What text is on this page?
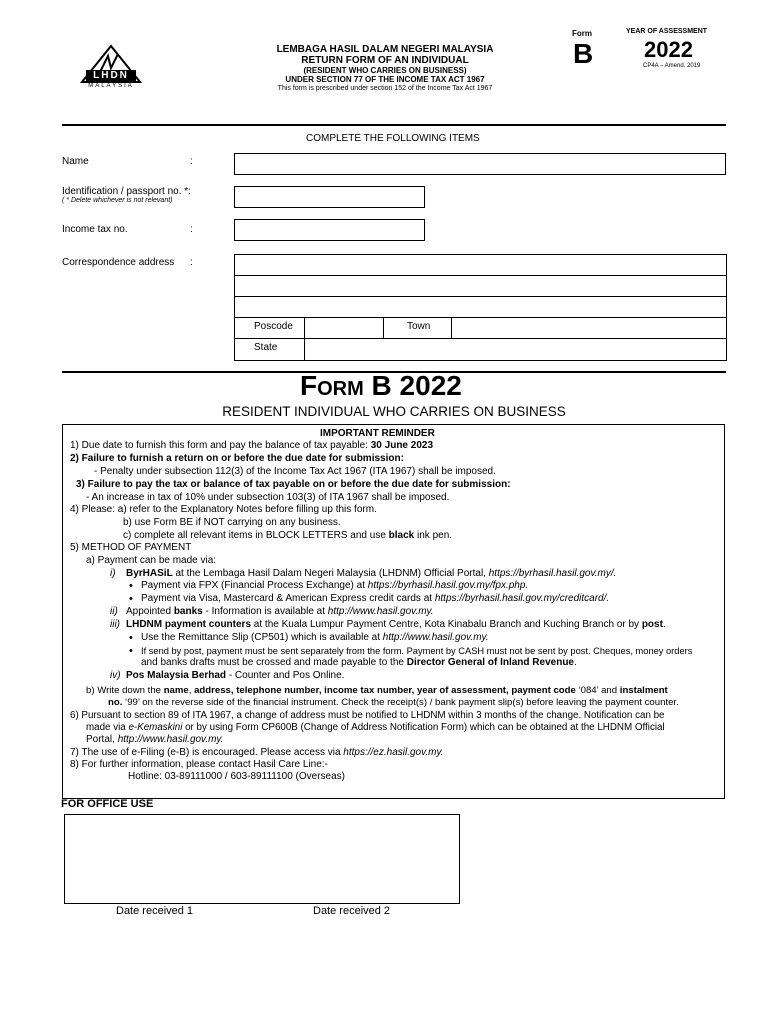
LHDN
MALAYSIA
LEMBAGA HASIL DALAM NEGERI MALAYSIA
RETURN FORM OF AN INDIVIDUAL
(RESIDENT WHO CARRIES ON BUSINESS)
UNDER SECTION 77 OF THE INCOME TAX ACT 1967
This form is prescribed under section 152 of the Income Tax Act 1967
Form
B
YEAR OF ASSESSMENT
2022
CP4A – Amend. 2019
COMPLETE THE FOLLOWING ITEMS
Name	:
Identification / passport no. * :
( * Delete whichever is not relevant)
Income tax no.	:
Correspondence address :
Poscode	Town
State
FORM B 2022
RESIDENT INDIVIDUAL WHO CARRIES ON BUSINESS
IMPORTANT REMINDER
1) Due date to furnish this form and pay the balance of tax payable: 30 June 2023
2) Failure to furnish a return on or before the due date for submission:
- Penalty under subsection 112(3) of the Income Tax Act 1967 (ITA 1967) shall be imposed.
3) Failure to pay the tax or balance of tax payable on or before the due date for submission:
- An increase in tax of 10% under subsection 103(3) of ITA 1967 shall be imposed.
4) Please: a) refer to the Explanatory Notes before filling up this form.
b) use Form BE if NOT carrying on any business.
c) complete all relevant items in BLOCK LETTERS and use black ink pen.
5) METHOD OF PAYMENT
a) Payment can be made via:
i) ByrHASiL at the Lembaga Hasil Dalam Negeri Malaysia (LHDNM) Official Portal, https://byrhasil.hasil.gov.my/.
• Payment via FPX (Financial Process Exchange) at https://byrhasil.hasil.gov.my/fpx.php.
• Payment via Visa, Mastercard & American Express credit cards at https://byrhasil.hasil.gov.my/creditcard/.
ii) Appointed banks - Information is available at http://www.hasil.gov.my.
iii) LHDNM payment counters at the Kuala Lumpur Payment Centre, Kota Kinabalu Branch and Kuching Branch or by post.
• Use the Remittance Slip (CP501) which is available at http://www.hasil.gov.my.
• If send by post, payment must be sent separately from the form. Payment by CASH must not be sent by post. Cheques, money orders
and banks drafts must be crossed and made payable to the Director General of Inland Revenue.
iv) Pos Malaysia Berhad - Counter and Pos Online.
b) Write down the name, address, telephone number, income tax number, year of assessment, payment code ‘084’ and instalment
no. ‘99’ on the reverse side of the financial instrument. Check the receipt(s) / bank payment slip(s) before leaving the payment counter.
6) Pursuant to section 89 of ITA 1967, a change of address must be notified to LHDNM within 3 months of the change. Notification can be
made via e-Kemaskini or by using Form CP600B (Change of Address Notification Form) which can be obtained at the LHDNM Official
Portal, http://www.hasil.gov.my.
7) The use of e-Filing (e-B) is encouraged. Please access via https://ez.hasil.gov.my.
8) For further information, please contact Hasil Care Line:-
Hotline: 03-89111000 / 603-89111100 (Overseas)
FOR OFFICE USE
Date received 1	Date received 2
